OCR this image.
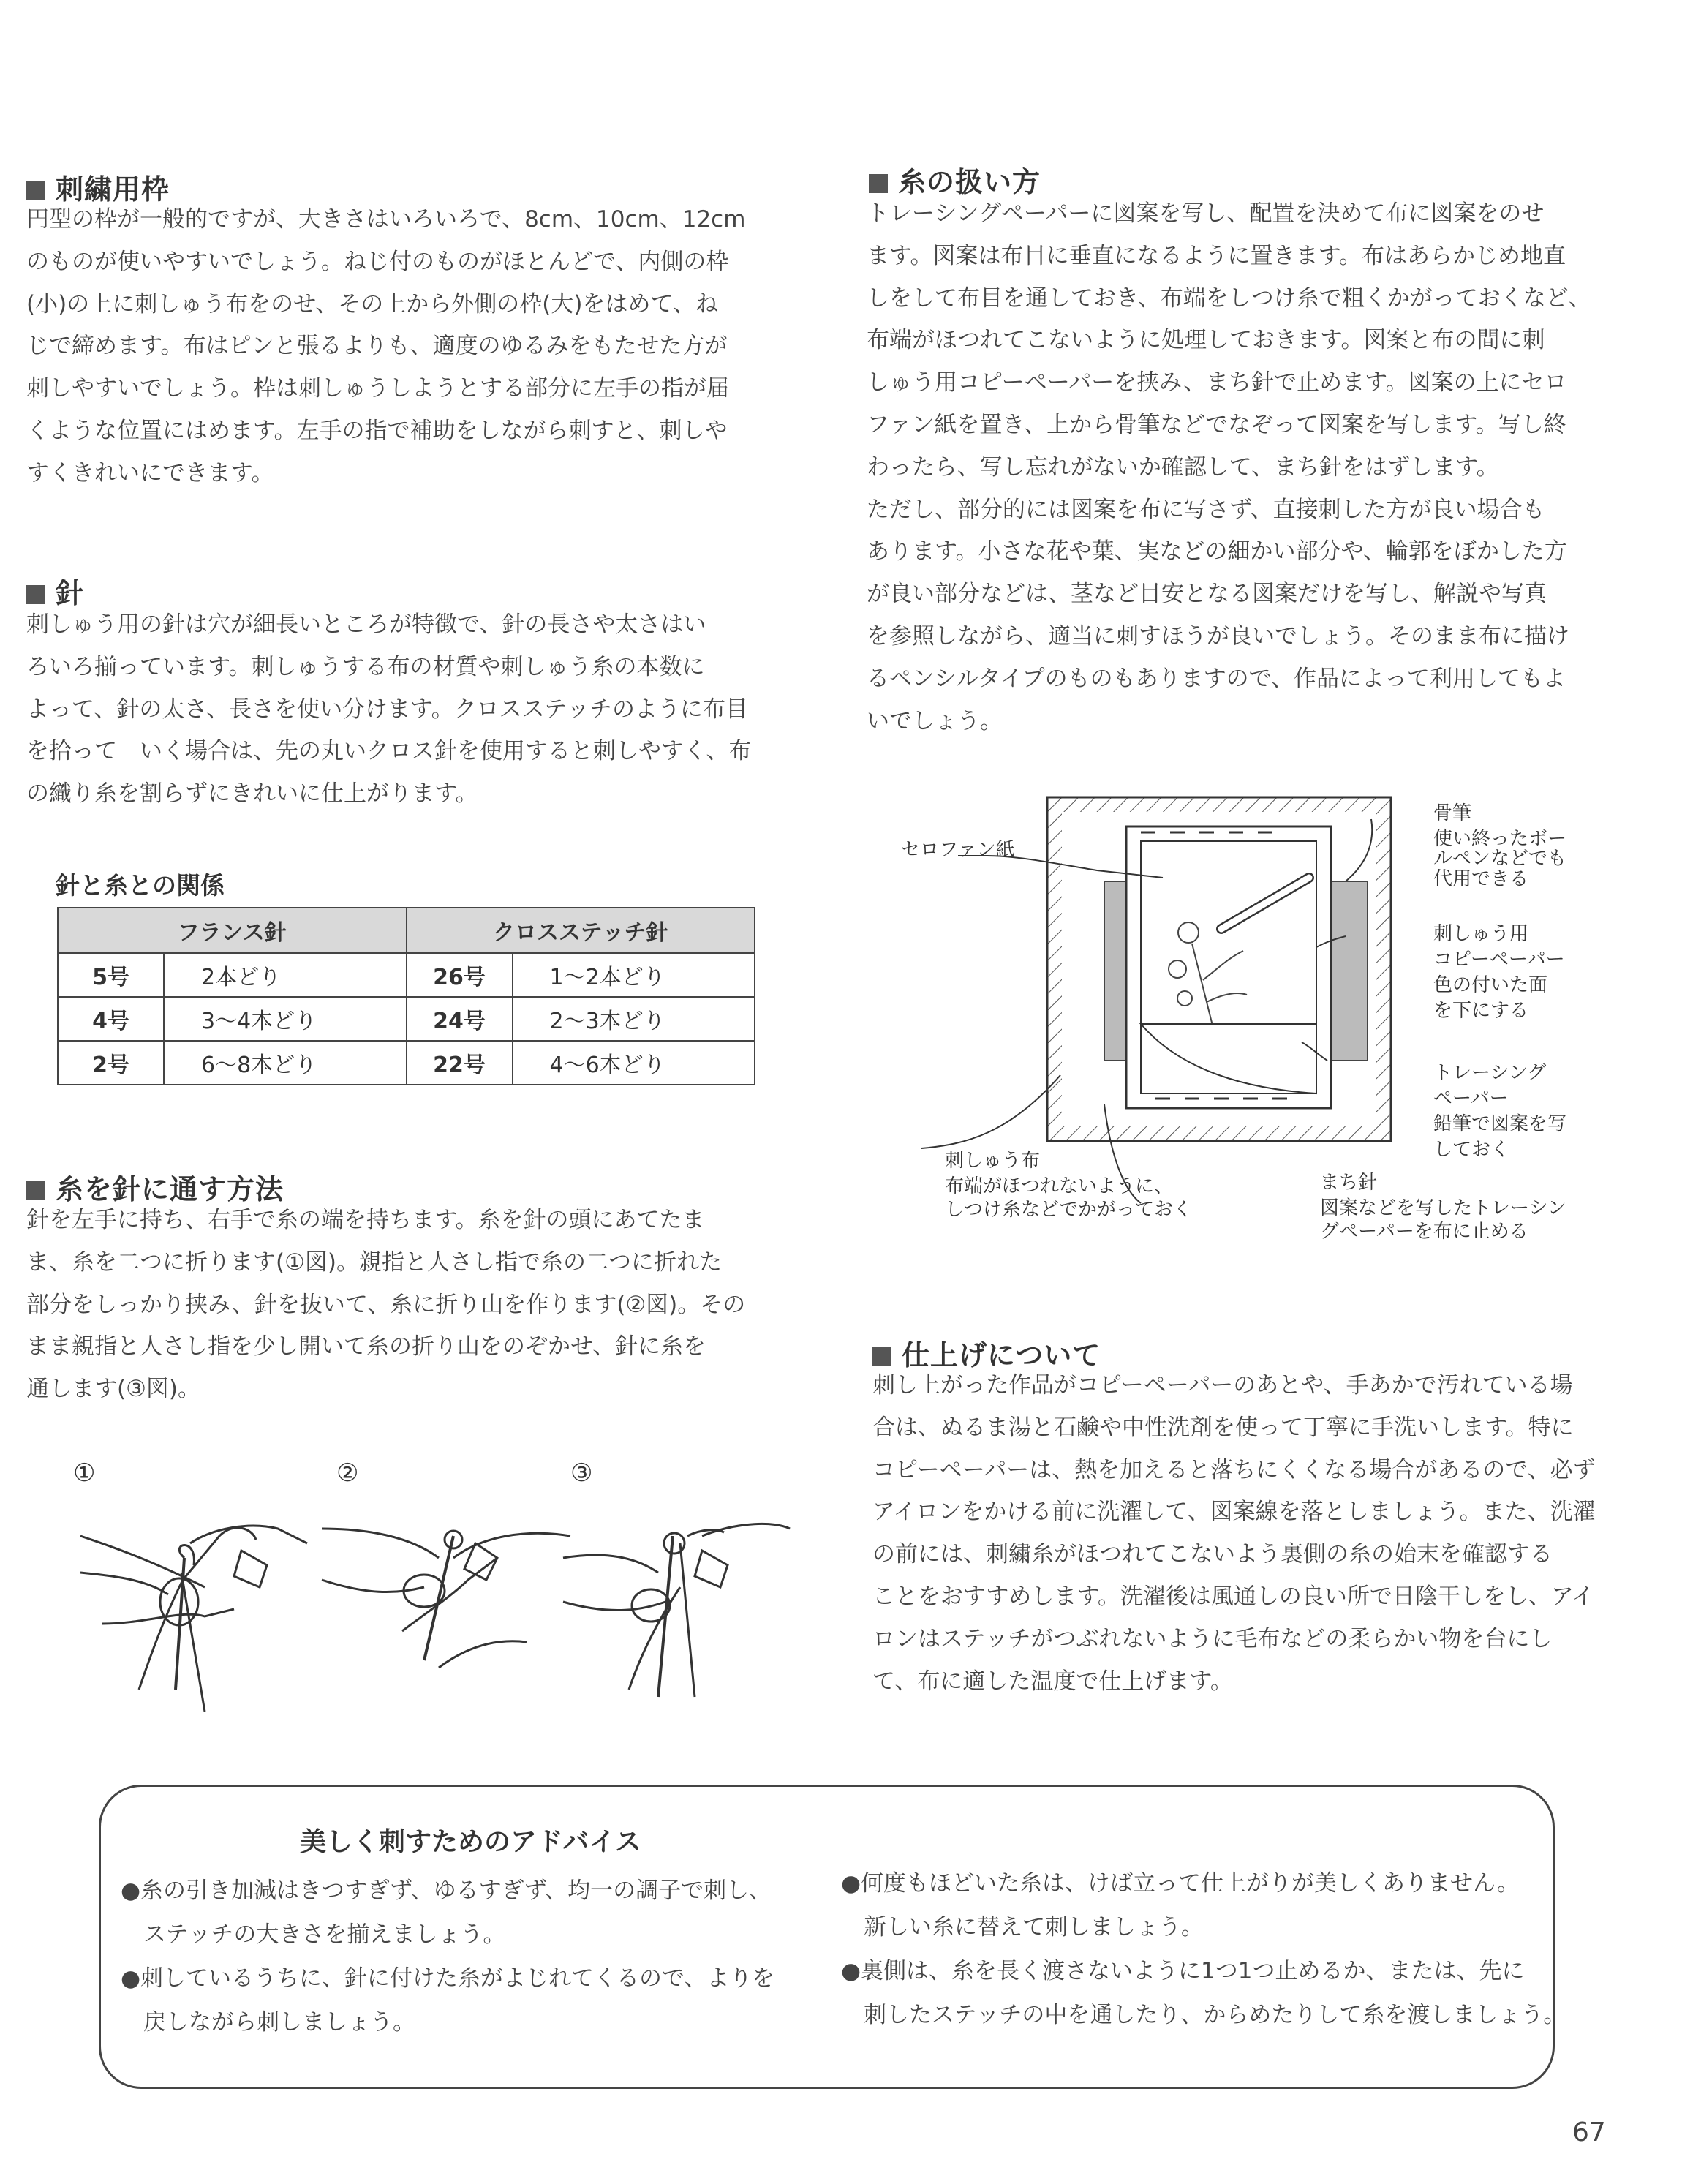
刺繍用枠
円型の枠が一般的ですが、大きさはいろいろで、8cm、10cm、12cm
のものが使いやすいでしょう。ねじ付のものがほとんどで、内側の枠
(小)の上に刺しゅう布をのせ、その上から外側の枠(大)をはめて、ね
じで締めます。布はピンと張るよりも、適度のゆるみをもたせた方が
刺しやすいでしょう。枠は刺しゅうしようとする部分に左手の指が届
くような位置にはめます。左手の指で補助をしながら刺すと、刺しや
すくきれいにできます。
針
刺しゅう用の針は穴が細長いところが特徴で、針の長さや太さはい
ろいろ揃っています。刺しゅうする布の材質や刺しゅう糸の本数に
よって、針の太さ、長さを使い分けます。クロスステッチのように布目
を拾って　いく場合は、先の丸いクロス針を使用すると刺しやすく、布
の織り糸を割らずにきれいに仕上がります。
針と糸との関係
フランス針		クロスステッチ針	
5号	2本どり	26号	1〜2本どり
4号	3〜4本どり	24号	2〜3本どり
2号	6〜8本どり	22号	4〜6本どり
糸を針に通す方法
針を左手に持ち、右手で糸の端を持ちます。糸を針の頭にあてたま
ま、糸を二つに折ります(①図)。親指と人さし指で糸の二つに折れた
部分をしっかり挟み、針を抜いて、糸に折り山を作ります(②図)。その
まま親指と人さし指を少し開いて糸の折り山をのぞかせ、針に糸を
通します(③図)。
①	②	③
糸の扱い方
トレーシングペーパーに図案を写し、配置を決めて布に図案をのせ
ます。図案は布目に垂直になるように置きます。布はあらかじめ地直
しをして布目を通しておき、布端をしつけ糸で粗くかがっておくなど、
布端がほつれてこないように処理しておきます。図案と布の間に刺
しゅう用コピーペーパーを挟み、まち針で止めます。図案の上にセロ
ファン紙を置き、上から骨筆などでなぞって図案を写します。写し終
わったら、写し忘れがないか確認して、まち針をはずします。
ただし、部分的には図案を布に写さず、直接刺した方が良い場合も
あります。小さな花や葉、実などの細かい部分や、輪郭をぼかした方
が良い部分などは、茎など目安となる図案だけを写し、解説や写真
を参照しながら、適当に刺すほうが良いでしょう。そのまま布に描け
るペンシルタイプのものもありますので、作品によって利用してもよ
いでしょう。
セロファン紙
骨筆
使い終ったボー
ルペンなどでも
代用できる
刺しゅう用
コピーペーパー
色の付いた面
を下にする
トレーシング
ペーパー
鉛筆で図案を写
しておく
刺しゅう布
布端がほつれないように、
しつけ糸などでかがっておく
まち針
図案などを写したトレーシン
グペーパーを布に止める
仕上げについて
刺し上がった作品がコピーペーパーのあとや、手あかで汚れている場
合は、ぬるま湯と石鹸や中性洗剤を使って丁寧に手洗いします。特に
コピーペーパーは、熱を加えると落ちにくくなる場合があるので、必ず
アイロンをかける前に洗濯して、図案線を落としましょう。また、洗濯
の前には、刺繍糸がほつれてこないよう裏側の糸の始末を確認する
ことをおすすめします。洗濯後は風通しの良い所で日陰干しをし、アイ
ロンはステッチがつぶれないように毛布などの柔らかい物を台にし
て、布に適した温度で仕上げます。
美しく刺すためのアドバイス
●糸の引き加減はきつすぎず、ゆるすぎず、均一の調子で刺し、
　ステッチの大きさを揃えましょう。
●刺しているうちに、針に付けた糸がよじれてくるので、よりを
　戻しながら刺しましょう。
●何度もほどいた糸は、けば立って仕上がりが美しくありません。
　新しい糸に替えて刺しましょう。
●裏側は、糸を長く渡さないように1つ1つ止めるか、または、先に
　刺したステッチの中を通したり、からめたりして糸を渡しましょう。
67
